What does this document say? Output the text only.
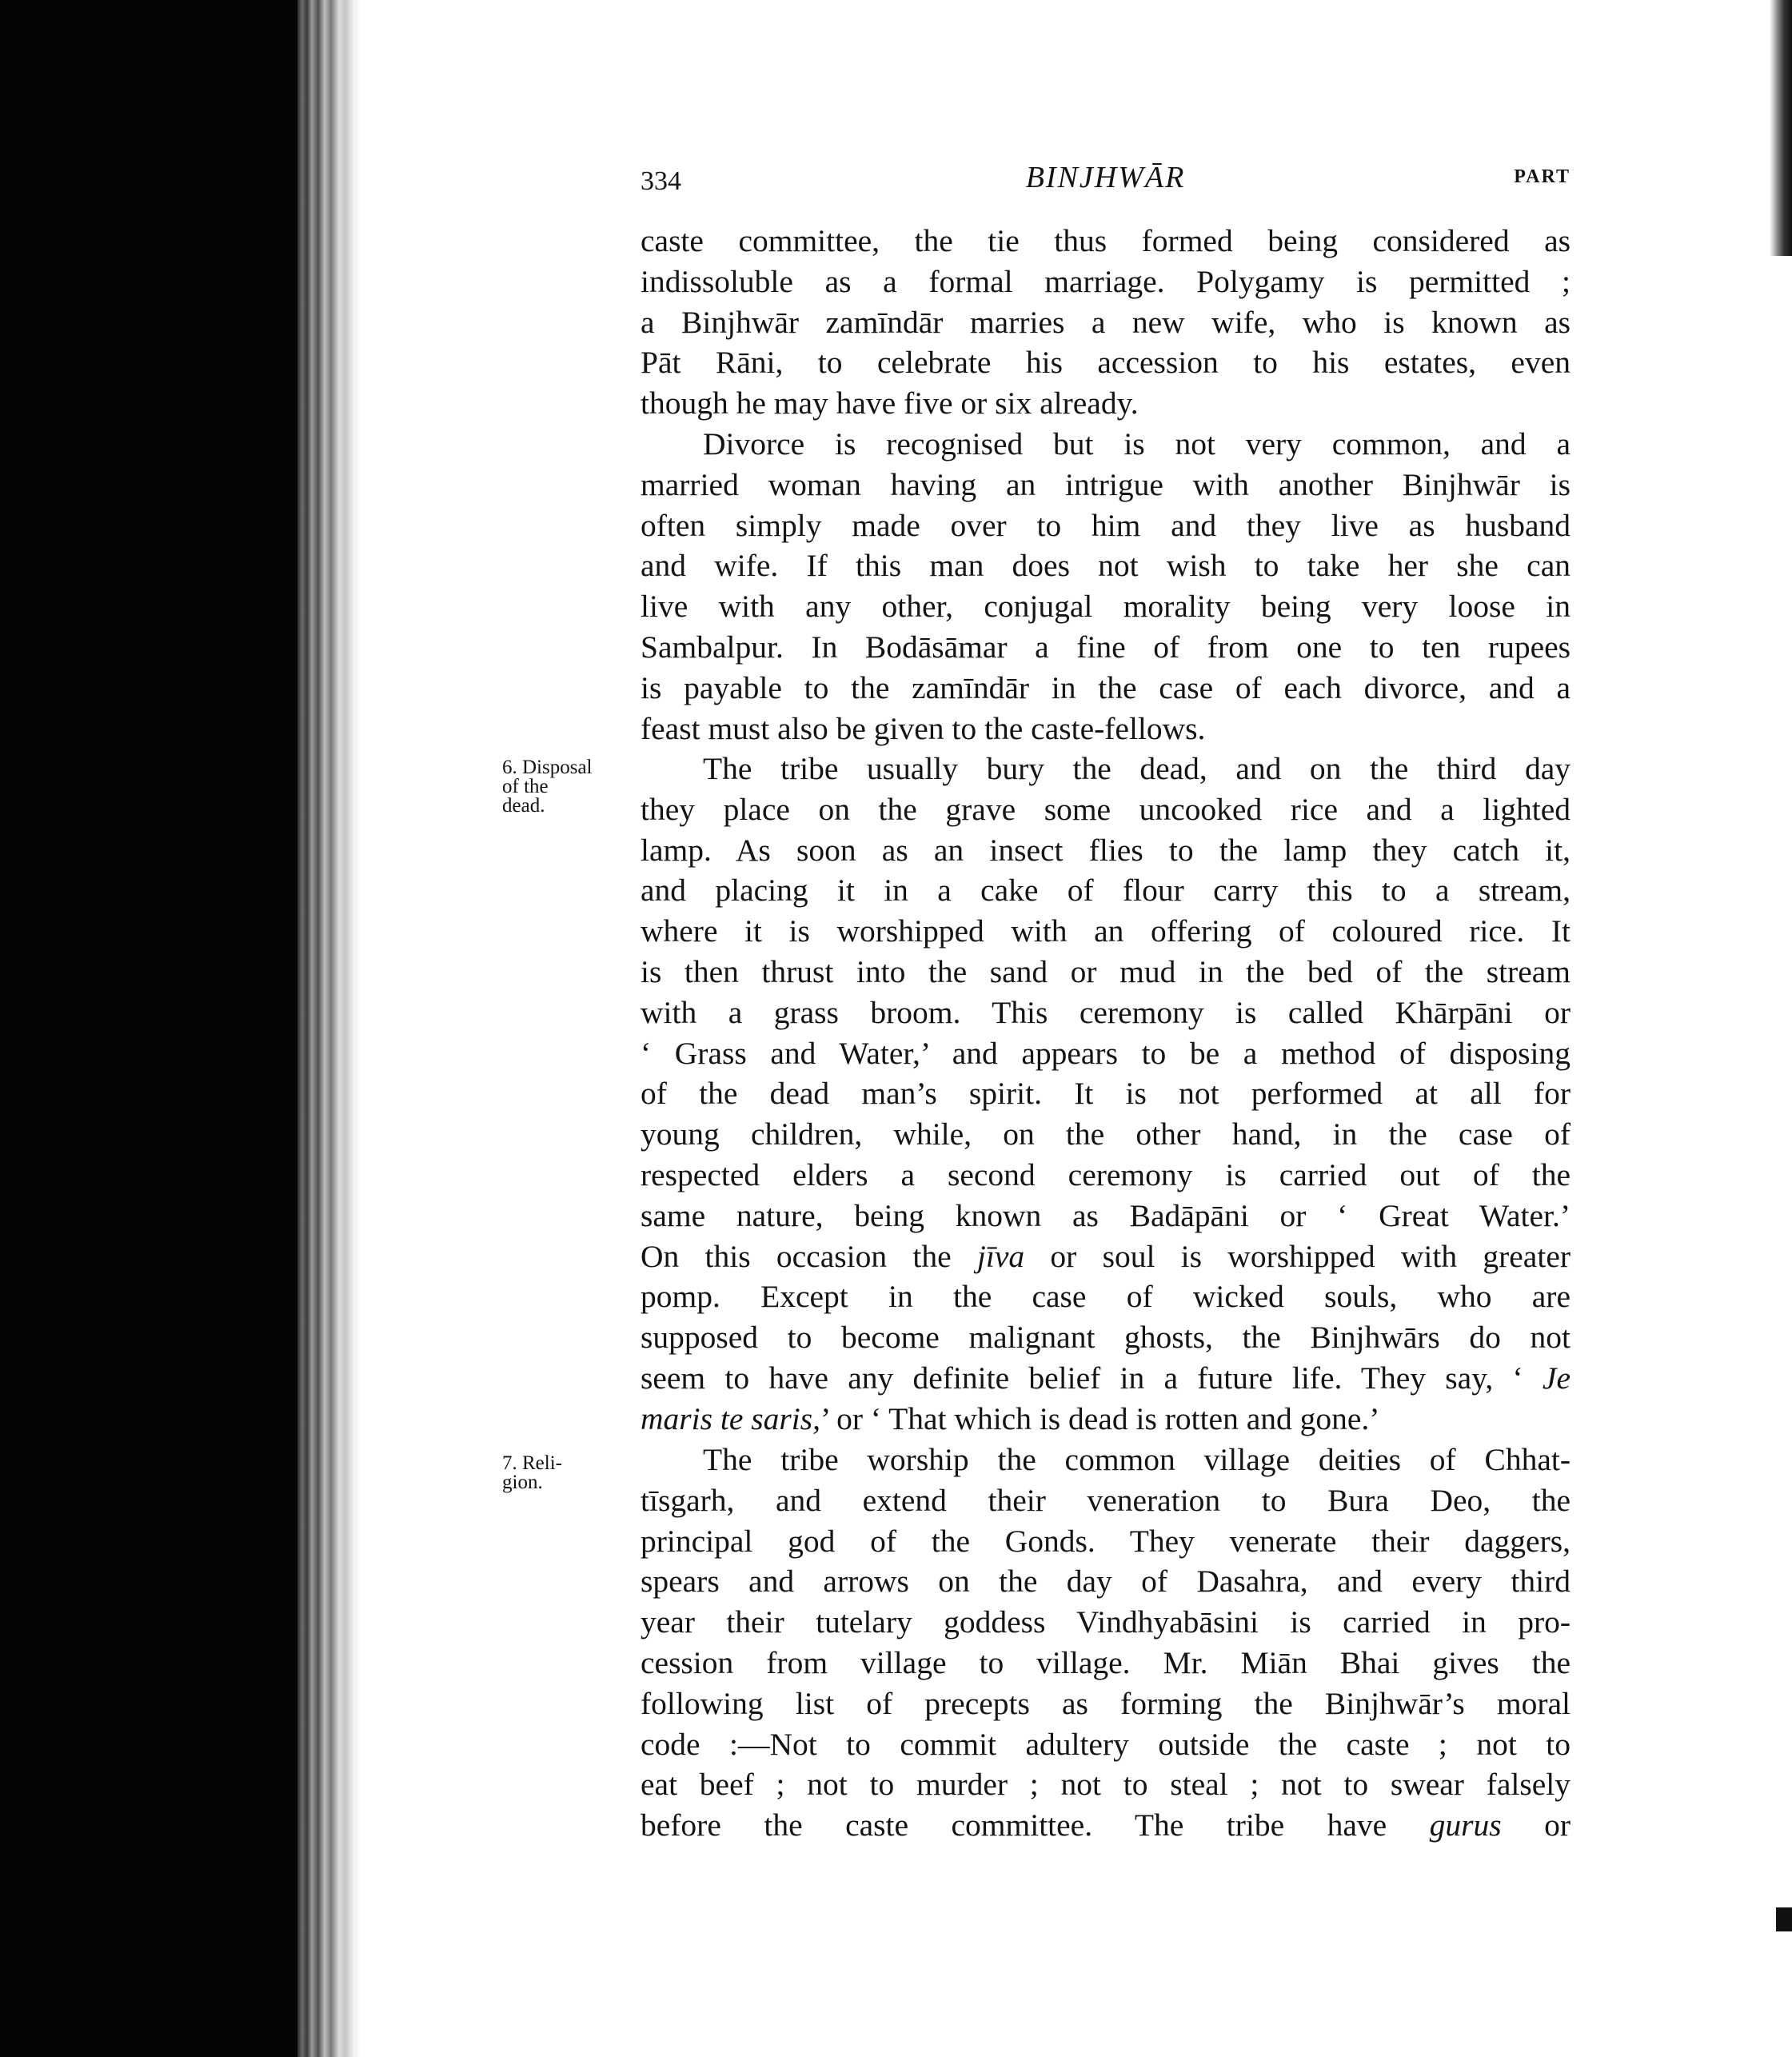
334	BINJHWĀR	PART
caste committee, the tie thus formed being considered as
indissoluble as a formal marriage. Polygamy is permitted ;
a Binjhwār zamīndār marries a new wife, who is known as
Pāt Rāni, to celebrate his accession to his estates, even
though he may have five or six already.
Divorce is recognised but is not very common, and a
married woman having an intrigue with another Binjhwār is
often simply made over to him and they live as husband
and wife. If this man does not wish to take her she can
live with any other, conjugal morality being very loose in
Sambalpur. In Bodāsāmar a fine of from one to ten rupees
is payable to the zamīndār in the case of each divorce, and a
feast must also be given to the caste-fellows.
6. Disposal
of the
dead.
The tribe usually bury the dead, and on the third day
they place on the grave some uncooked rice and a lighted
lamp. As soon as an insect flies to the lamp they catch it,
and placing it in a cake of flour carry this to a stream,
where it is worshipped with an offering of coloured rice. It
is then thrust into the sand or mud in the bed of the stream
with a grass broom. This ceremony is called Khārpāni or
‘ Grass and Water,’ and appears to be a method of disposing
of the dead man’s spirit. It is not performed at all for
young children, while, on the other hand, in the case of
respected elders a second ceremony is carried out of the
same nature, being known as Badāpāni or ‘ Great Water.’
On this occasion the jīva or soul is worshipped with greater
pomp. Except in the case of wicked souls, who are
supposed to become malignant ghosts, the Binjhwārs do not
seem to have any definite belief in a future life. They say, ‘ Je
maris te saris,’ or ‘ That which is dead is rotten and gone.’
7. Reli-
gion.
The tribe worship the common village deities of Chhat-
tīsgarh, and extend their veneration to Bura Deo, the
principal god of the Gonds. They venerate their daggers,
spears and arrows on the day of Dasahra, and every third
year their tutelary goddess Vindhyabāsini is carried in pro-
cession from village to village. Mr. Miān Bhai gives the
following list of precepts as forming the Binjhwār’s moral
code :—Not to commit adultery outside the caste ; not to
eat beef ; not to murder ; not to steal ; not to swear falsely
before the caste committee. The tribe have gurus or
